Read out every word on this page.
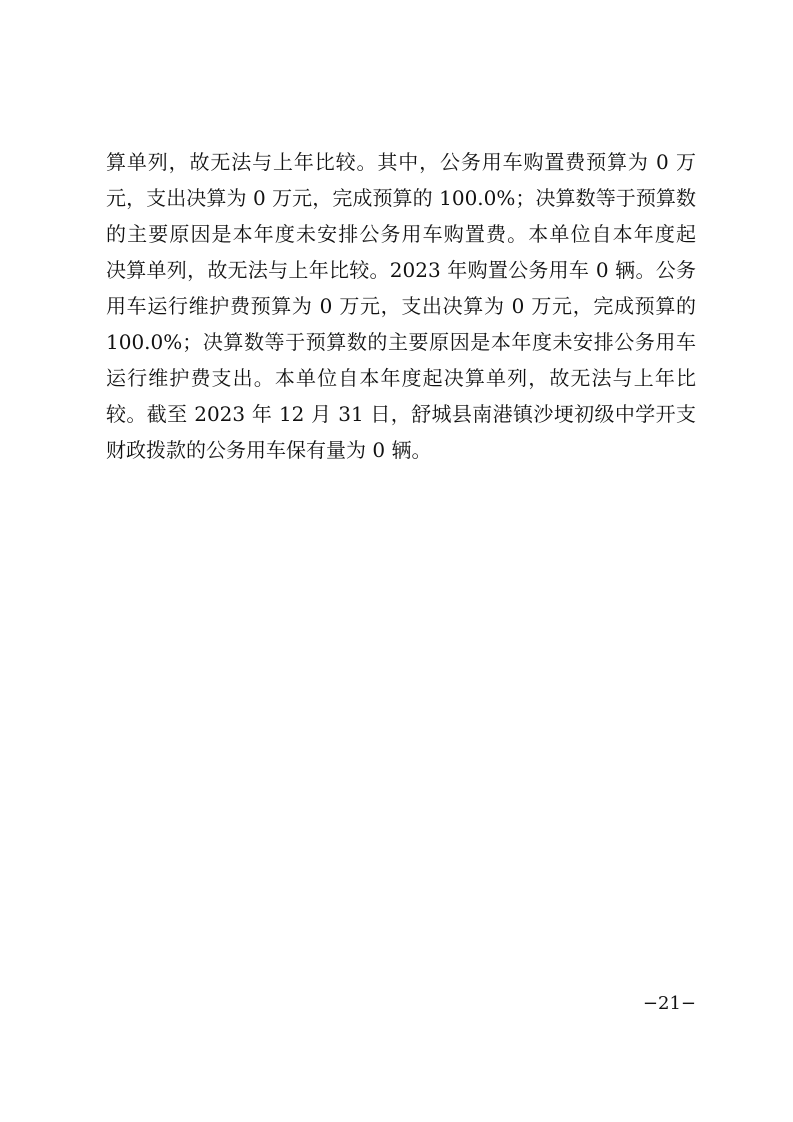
算单列，故无法与上年比较。其中，公务用车购置费预算为 0 万
元，支出决算为 0 万元，完成预算的 100.0%；决算数等于预算数
的主要原因是本年度未安排公务用车购置费。本单位自本年度起
决算单列，故无法与上年比较。2023 年购置公务用车 0 辆。公务
用车运行维护费预算为 0 万元，支出决算为 0 万元，完成预算的
100.0%；决算数等于预算数的主要原因是本年度未安排公务用车
运行维护费支出。本单位自本年度起决算单列，故无法与上年比
较。截至 2023 年 12 月 31 日，舒城县南港镇沙埂初级中学开支
财政拨款的公务用车保有量为 0 辆。
−21−
